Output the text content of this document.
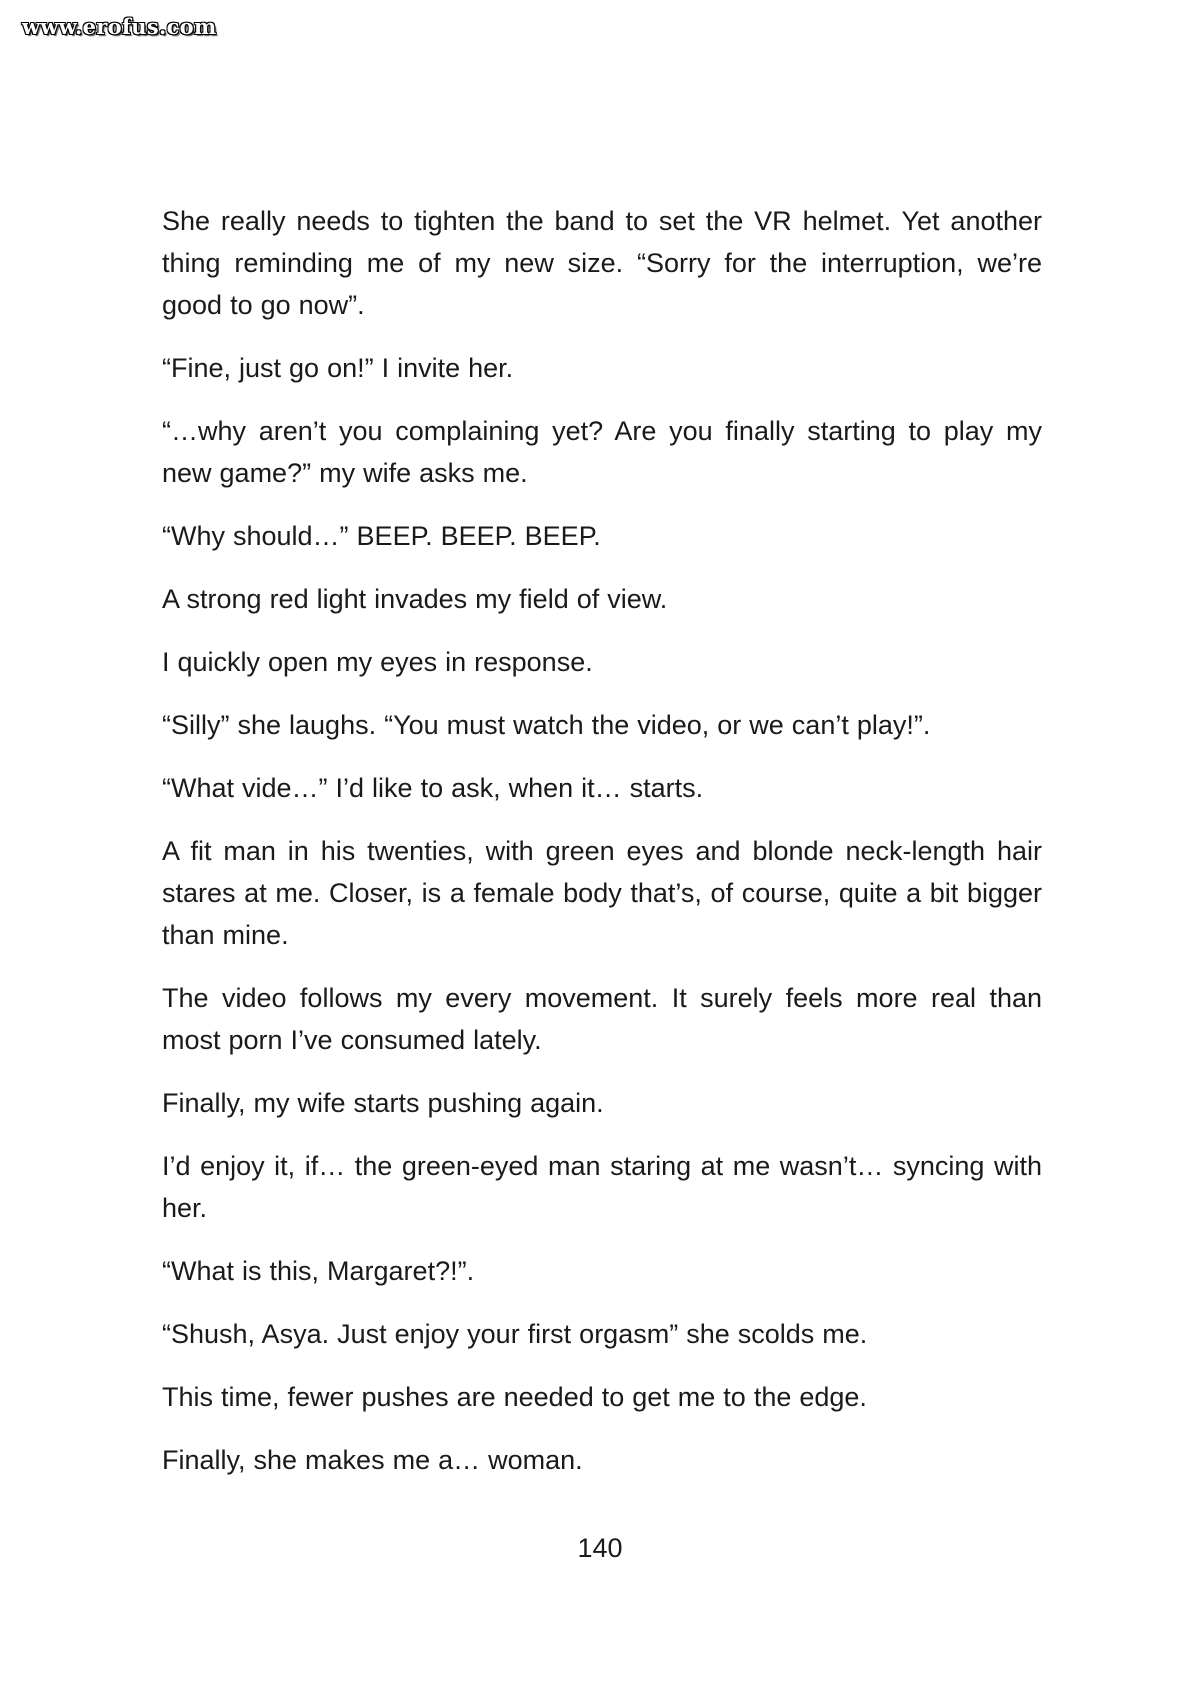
www.erofus.com

She really needs to tighten the band to set the VR helmet. Yet another thing reminding me of my new size. “Sorry for the interruption, we’re good to go now”.

“Fine, just go on!” I invite her.

“…why aren’t you complaining yet? Are you finally starting to play my new game?” my wife asks me.

“Why should…” BEEP. BEEP. BEEP.

A strong red light invades my field of view.

I quickly open my eyes in response.

“Silly” she laughs. “You must watch the video, or we can’t play!”.

“What vide…” I’d like to ask, when it… starts.

A fit man in his twenties, with green eyes and blonde neck-length hair stares at me. Closer, is a female body that’s, of course, quite a bit bigger than mine.

The video follows my every movement. It surely feels more real than most porn I’ve consumed lately.

Finally, my wife starts pushing again.

I’d enjoy it, if… the green-eyed man staring at me wasn’t… syncing with her.

“What is this, Margaret?!”.

“Shush, Asya. Just enjoy your first orgasm” she scolds me.

This time, fewer pushes are needed to get me to the edge.

Finally, she makes me a… woman.

140
